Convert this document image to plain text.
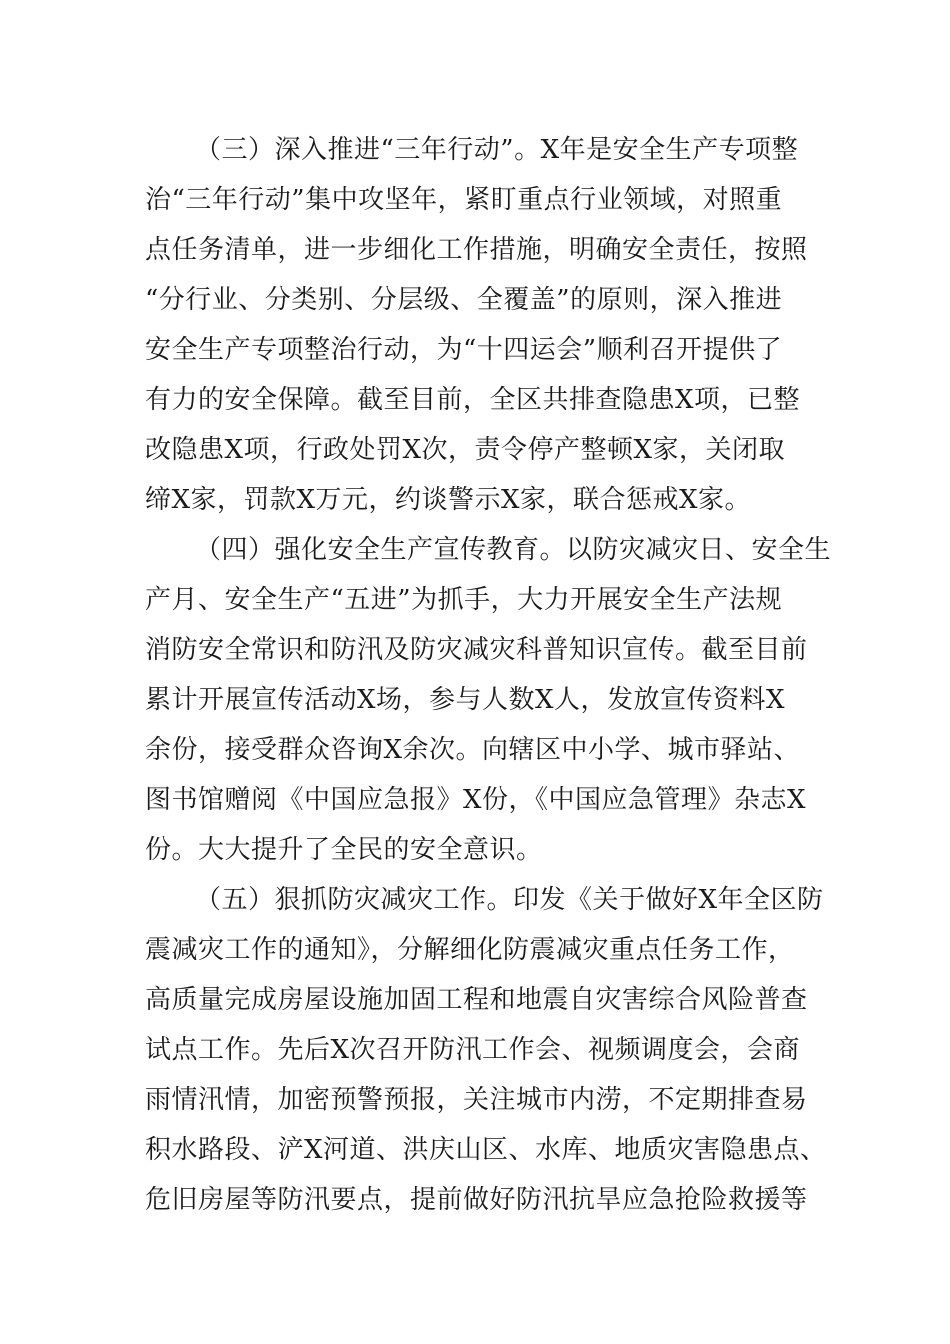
（三）深入推进“三年行动”。X年是安全生产专项整
治“三年行动”集中攻坚年，紧盯重点行业领域，对照重
点任务清单，进一步细化工作措施，明确安全责任，按照
“分行业、分类别、分层级、全覆盖”的原则，深入推进
安全生产专项整治行动，为“十四运会”顺利召开提供了
有力的安全保障。截至目前，全区共排查隐患X项，已整
改隐患X项，行政处罚X次，责令停产整顿X家，关闭取
缔X家，罚款X万元，约谈警示X家，联合惩戒X家。
（四）强化安全生产宣传教育。以防灾减灾日、安全生
产月、安全生产“五进”为抓手，大力开展安全生产法规
消防安全常识和防汛及防灾减灾科普知识宣传。截至目前
累计开展宣传活动X场，参与人数X人，发放宣传资料X
余份，接受群众咨询X余次。向辖区中小学、城市驿站、
图书馆赠阅《中国应急报》X份，《中国应急管理》杂志X
份。大大提升了全民的安全意识。
（五）狠抓防灾减灾工作。印发《关于做好X年全区防
震减灾工作的通知》，分解细化防震减灾重点任务工作，
高质量完成房屋设施加固工程和地震自灾害综合风险普查
试点工作。先后X次召开防汛工作会、视频调度会，会商
雨情汛情，加密预警预报，关注城市内涝，不定期排查易
积水路段、浐X河道、洪庆山区、水库、地质灾害隐患点、
危旧房屋等防汛要点，提前做好防汛抗旱应急抢险救援等
